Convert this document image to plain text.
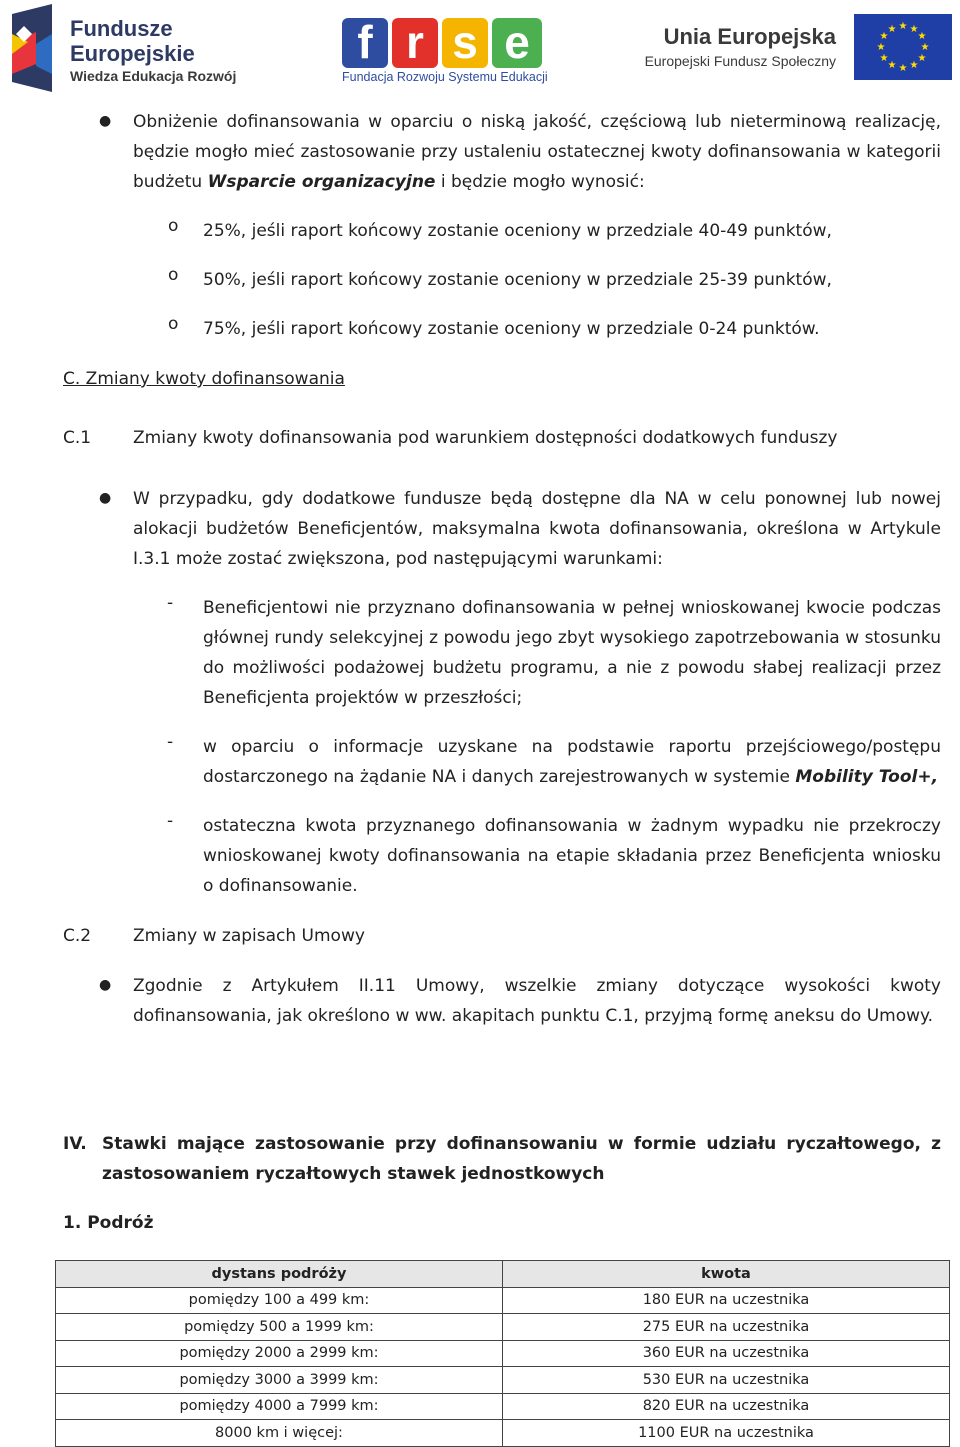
Fundusze
Europejskie
Wiedza Edukacja Rozwój
f r s e
Fundacja Rozwoju Systemu Edukacji
Unia Europejska
Europejski Fundusz Społeczny
★ ★
★
★
★
★
★
★
★
★
★
★
● Obniżenie dofinansowania w oparciu o niską jakość, częściową lub nieterminową realizację, będzie mogło mieć zastosowanie przy ustaleniu ostatecznej kwoty dofinansowania w kategorii budżetu Wsparcie organizacyjne i będzie mogło wynosić:
o 25%, jeśli raport końcowy zostanie oceniony w przedziale 40-49 punktów,
o 50%, jeśli raport końcowy zostanie oceniony w przedziale 25-39 punktów,
o 75%, jeśli raport końcowy zostanie oceniony w przedziale 0-24 punktów.
C. Zmiany kwoty dofinansowania
C.1 Zmiany kwoty dofinansowania pod warunkiem dostępności dodatkowych funduszy
● W przypadku, gdy dodatkowe fundusze będą dostępne dla NA w celu ponownej lub nowej alokacji budżetów Beneficjentów, maksymalna kwota dofinansowania, określona w Artykule I.3.1 może zostać zwiększona, pod następującymi warunkami:
- Beneficjentowi nie przyznano dofinansowania w pełnej wnioskowanej kwocie podczas głównej rundy selekcyjnej z powodu jego zbyt wysokiego zapotrzebowania w stosunku do możliwości podażowej budżetu programu, a nie z powodu słabej realizacji przez Beneficjenta projektów w przeszłości;
- w oparciu o informacje uzyskane na podstawie raportu przejściowego/postępu dostarczonego na żądanie NA i danych zarejestrowanych w systemie Mobility Tool+,
- ostateczna kwota przyznanego dofinansowania w żadnym wypadku nie przekroczy wnioskowanej kwoty dofinansowania na etapie składania przez Beneficjenta wniosku o dofinansowanie.
C.2 Zmiany w zapisach Umowy
● Zgodnie z Artykułem II.11 Umowy, wszelkie zmiany dotyczące wysokości kwoty dofinansowania, jak określono w ww. akapitach punktu C.1, przyjmą formę aneksu do Umowy.
IV. Stawki mające zastosowanie przy dofinansowaniu w formie udziału ryczałtowego, z zastosowaniem ryczałtowych stawek jednostkowych
1. Podróż
dystans podróży	kwota
pomiędzy 100 a 499 km:	180 EUR na uczestnika
pomiędzy 500 a 1999 km:	275 EUR na uczestnika
pomiędzy 2000 a 2999 km:	360 EUR na uczestnika
pomiędzy 3000 a 3999 km:	530 EUR na uczestnika
pomiędzy 4000 a 7999 km:	820 EUR na uczestnika
8000 km i więcej:	1100 EUR na uczestnika
